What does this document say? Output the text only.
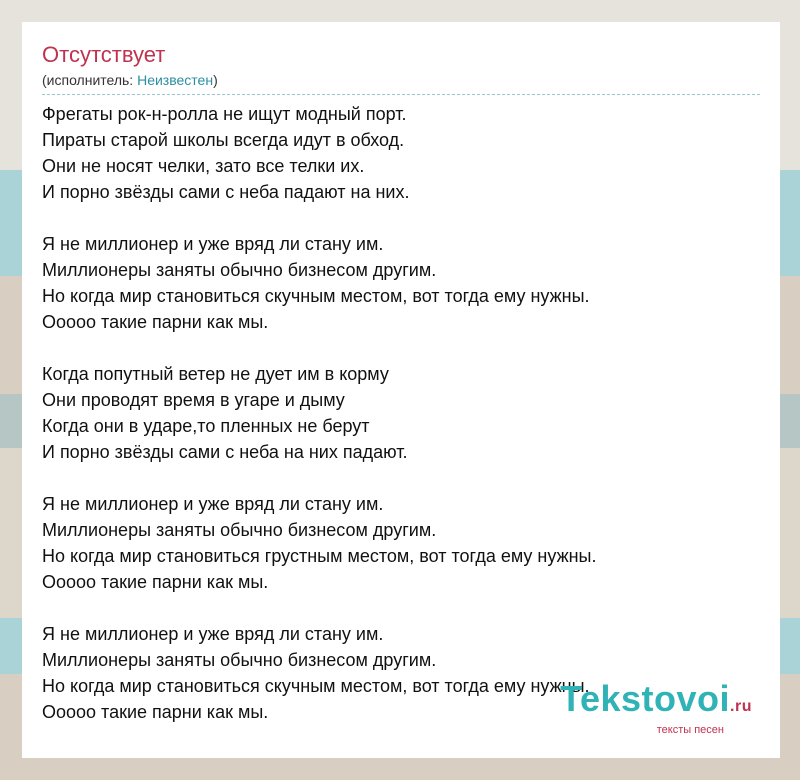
Отсутствует
(исполнитель: Неизвестен)
Фрегаты рок-н-ролла не ищут модный порт.
Пираты старой школы всегда идут в обход.
Они не носят челки, зато все телки их.
И порно звёзды сами с неба падают на них.
Я не миллионер и уже вряд ли стану им.
Миллионеры заняты обычно бизнесом другим.
Но когда мир становиться скучным местом, вот тогда ему нужны.
Ооооо такие парни как мы.
Когда попутный ветер не дует им в корму
Они проводят время в угаре и дыму
Когда они в ударе,то пленных не берут
И порно звёзды сами с неба на них падают.
Я не миллионер и уже вряд ли стану им.
Миллионеры заняты обычно бизнесом другим.
Но когда мир становиться грустным местом, вот тогда ему нужны.
Ооооо такие парни как мы.
Я не миллионер и уже вряд ли стану им.
Миллионеры заняты обычно бизнесом другим.
Но когда мир становиться скучным местом, вот тогда ему нужны.
Ооооо такие парни как мы.	Tekstovoi.ru
тексты песен
